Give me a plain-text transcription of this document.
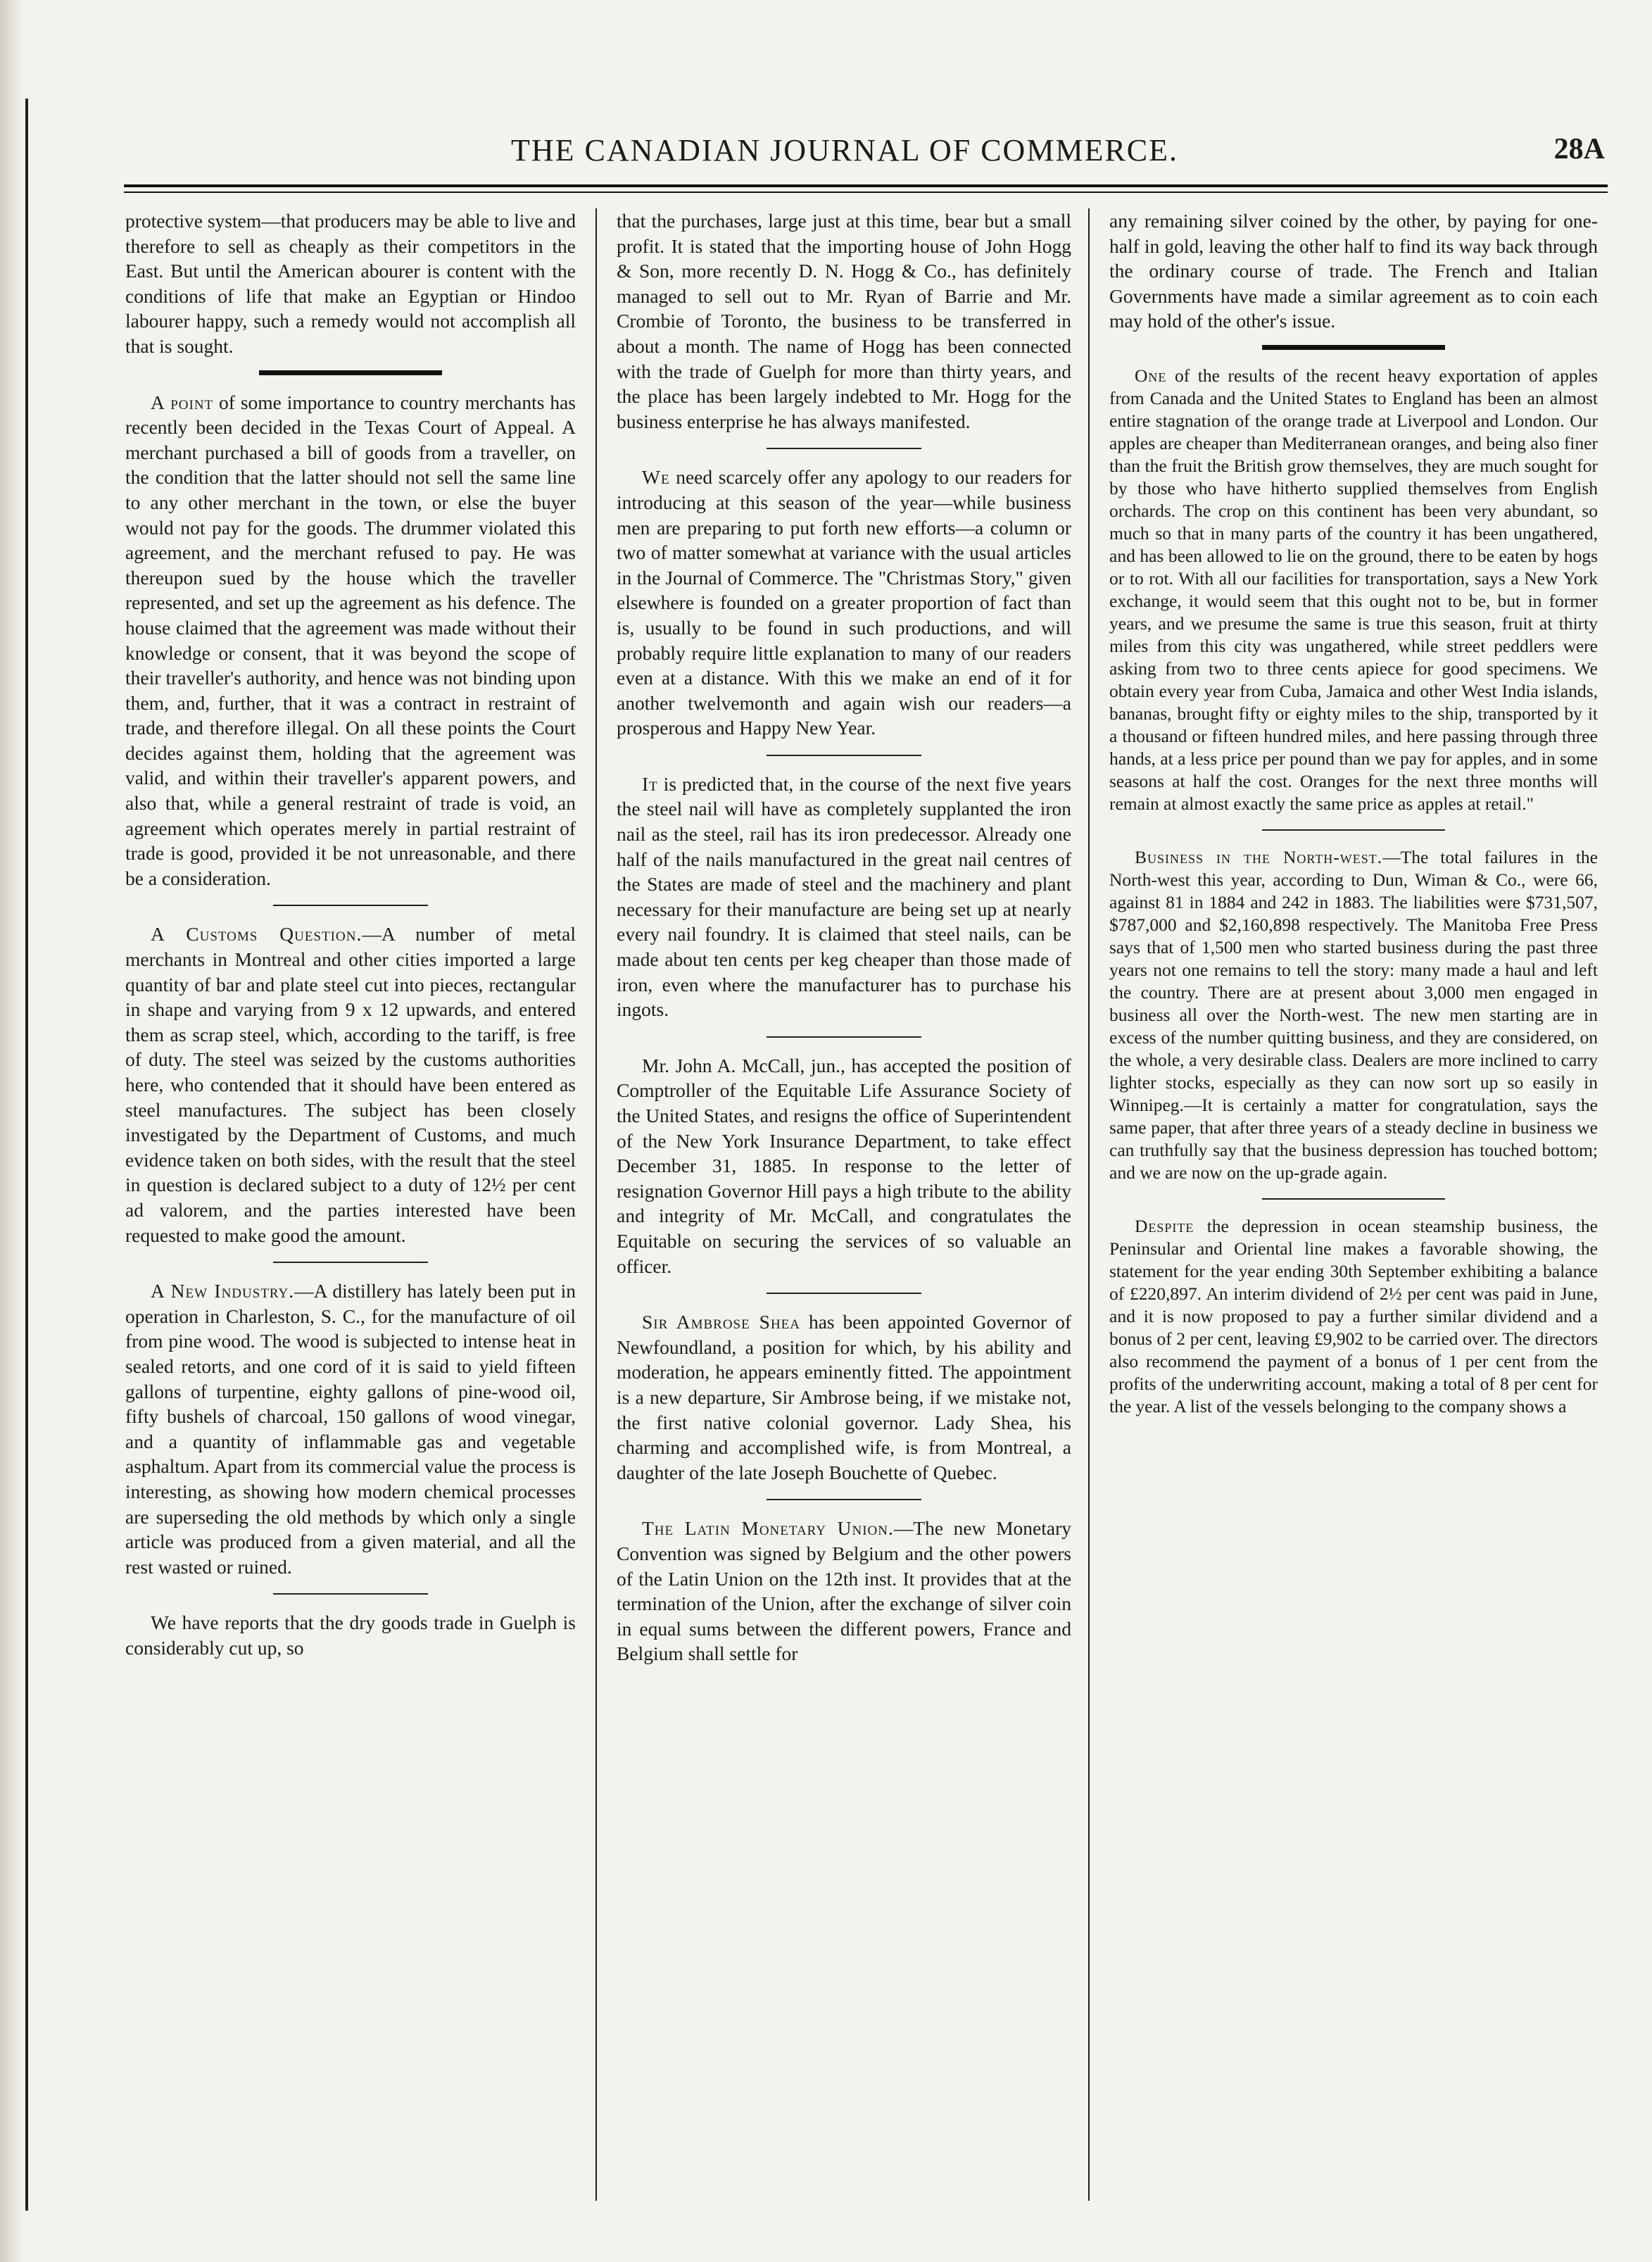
THE CANADIAN JOURNAL OF COMMERCE.	28A

protective system—that producers may be able to live and therefore to sell as cheaply as their competitors in the East. But until the American abourer is content with the conditions of life that make an Egyptian or Hindoo labourer happy, such a remedy would not accomplish all that is sought.

A point of some importance to country merchants has recently been decided in the Texas Court of Appeal. A merchant purchased a bill of goods from a traveller, on the condition that the latter should not sell the same line to any other merchant in the town, or else the buyer would not pay for the goods. The drummer violated this agreement, and the merchant refused to pay. He was thereupon sued by the house which the traveller represented, and set up the agreement as his defence. The house claimed that the agreement was made without their knowledge or consent, that it was beyond the scope of their traveller's authority, and hence was not binding upon them, and, further, that it was a contract in restraint of trade, and therefore illegal. On all these points the Court decides against them, holding that the agreement was valid, and within their traveller's apparent powers, and also that, while a general restraint of trade is void, an agreement which operates merely in partial restraint of trade is good, provided it be not unreasonable, and there be a consideration.

A Customs Question.—A number of metal merchants in Montreal and other cities imported a large quantity of bar and plate steel cut into pieces, rectangular in shape and varying from 9 x 12 upwards, and entered them as scrap steel, which, according to the tariff, is free of duty. The steel was seized by the customs authorities here, who contended that it should have been entered as steel manufactures. The subject has been closely investigated by the Department of Customs, and much evidence taken on both sides, with the result that the steel in question is declared subject to a duty of 12½ per cent ad valorem, and the parties interested have been requested to make good the amount.

A New Industry.—A distillery has lately been put in operation in Charleston, S. C., for the manufacture of oil from pine wood. The wood is subjected to intense heat in sealed retorts, and one cord of it is said to yield fifteen gallons of turpentine, eighty gallons of pine-wood oil, fifty bushels of charcoal, 150 gallons of wood vinegar, and a quantity of inflammable gas and vegetable asphaltum. Apart from its commercial value the process is interesting, as showing how modern chemical processes are superseding the old methods by which only a single article was produced from a given material, and all the rest wasted or ruined.

We have reports that the dry goods trade in Guelph is considerably cut up, so

that the purchases, large just at this time, bear but a small profit. It is stated that the importing house of John Hogg & Son, more recently D. N. Hogg & Co., has definitely managed to sell out to Mr. Ryan of Barrie and Mr. Crombie of Toronto, the business to be transferred in about a month. The name of Hogg has been connected with the trade of Guelph for more than thirty years, and the place has been largely indebted to Mr. Hogg for the business enterprise he has always manifested.

We need scarcely offer any apology to our readers for introducing at this season of the year—while business men are preparing to put forth new efforts—a column or two of matter somewhat at variance with the usual articles in the Journal of Commerce. The "Christmas Story," given elsewhere is founded on a greater proportion of fact than is, usually to be found in such productions, and will probably require little explanation to many of our readers even at a distance. With this we make an end of it for another twelvemonth and again wish our readers—a prosperous and Happy New Year.

It is predicted that, in the course of the next five years the steel nail will have as completely supplanted the iron nail as the steel, rail has its iron predecessor. Already one half of the nails manufactured in the great nail centres of the States are made of steel and the machinery and plant necessary for their manufacture are being set up at nearly every nail foundry. It is claimed that steel nails, can be made about ten cents per keg cheaper than those made of iron, even where the manufacturer has to purchase his ingots.

Mr. John A. McCall, jun., has accepted the position of Comptroller of the Equitable Life Assurance Society of the United States, and resigns the office of Superintendent of the New York Insurance Department, to take effect December 31, 1885. In response to the letter of resignation Governor Hill pays a high tribute to the ability and integrity of Mr. McCall, and congratulates the Equitable on securing the services of so valuable an officer.

Sir Ambrose Shea has been appointed Governor of Newfoundland, a position for which, by his ability and moderation, he appears eminently fitted. The appointment is a new departure, Sir Ambrose being, if we mistake not, the first native colonial governor. Lady Shea, his charming and accomplished wife, is from Montreal, a daughter of the late Joseph Bouchette of Quebec.

The Latin Monetary Union.—The new Monetary Convention was signed by Belgium and the other powers of the Latin Union on the 12th inst. It provides that at the termination of the Union, after the exchange of silver coin in equal sums between the different powers, France and Belgium shall settle for

any remaining silver coined by the other, by paying for one-half in gold, leaving the other half to find its way back through the ordinary course of trade. The French and Italian Governments have made a similar agreement as to coin each may hold of the other's issue.

One of the results of the recent heavy exportation of apples from Canada and the United States to England has been an almost entire stagnation of the orange trade at Liverpool and London. Our apples are cheaper than Mediterranean oranges, and being also finer than the fruit the British grow themselves, they are much sought for by those who have hitherto supplied themselves from English orchards. The crop on this continent has been very abundant, so much so that in many parts of the country it has been ungathered, and has been allowed to lie on the ground, there to be eaten by hogs or to rot. With all our facilities for transportation, says a New York exchange, it would seem that this ought not to be, but in former years, and we presume the same is true this season, fruit at thirty miles from this city was ungathered, while street peddlers were asking from two to three cents apiece for good specimens. We obtain every year from Cuba, Jamaica and other West India islands, bananas, brought fifty or eighty miles to the ship, transported by it a thousand or fifteen hundred miles, and here passing through three hands, at a less price per pound than we pay for apples, and in some seasons at half the cost. Oranges for the next three months will remain at almost exactly the same price as apples at retail."

Business in the North-west.—The total failures in the North-west this year, according to Dun, Wiman & Co., were 66, against 81 in 1884 and 242 in 1883. The liabilities were $731,507, $787,000 and $2,160,898 respectively. The Manitoba Free Press says that of 1,500 men who started business during the past three years not one remains to tell the story: many made a haul and left the country. There are at present about 3,000 men engaged in business all over the North-west. The new men starting are in excess of the number quitting business, and they are considered, on the whole, a very desirable class. Dealers are more inclined to carry lighter stocks, especially as they can now sort up so easily in Winnipeg.—It is certainly a matter for congratulation, says the same paper, that after three years of a steady decline in business we can truthfully say that the business depression has touched bottom; and we are now on the up-grade again.

Despite the depression in ocean steamship business, the Peninsular and Oriental line makes a favorable showing, the statement for the year ending 30th September exhibiting a balance of £220,897. An interim dividend of 2½ per cent was paid in June, and it is now proposed to pay a further similar dividend and a bonus of 2 per cent, leaving £9,902 to be carried over. The directors also recommend the payment of a bonus of 1 per cent from the profits of the underwriting account, making a total of 8 per cent for the year. A list of the vessels belonging to the company shows a
